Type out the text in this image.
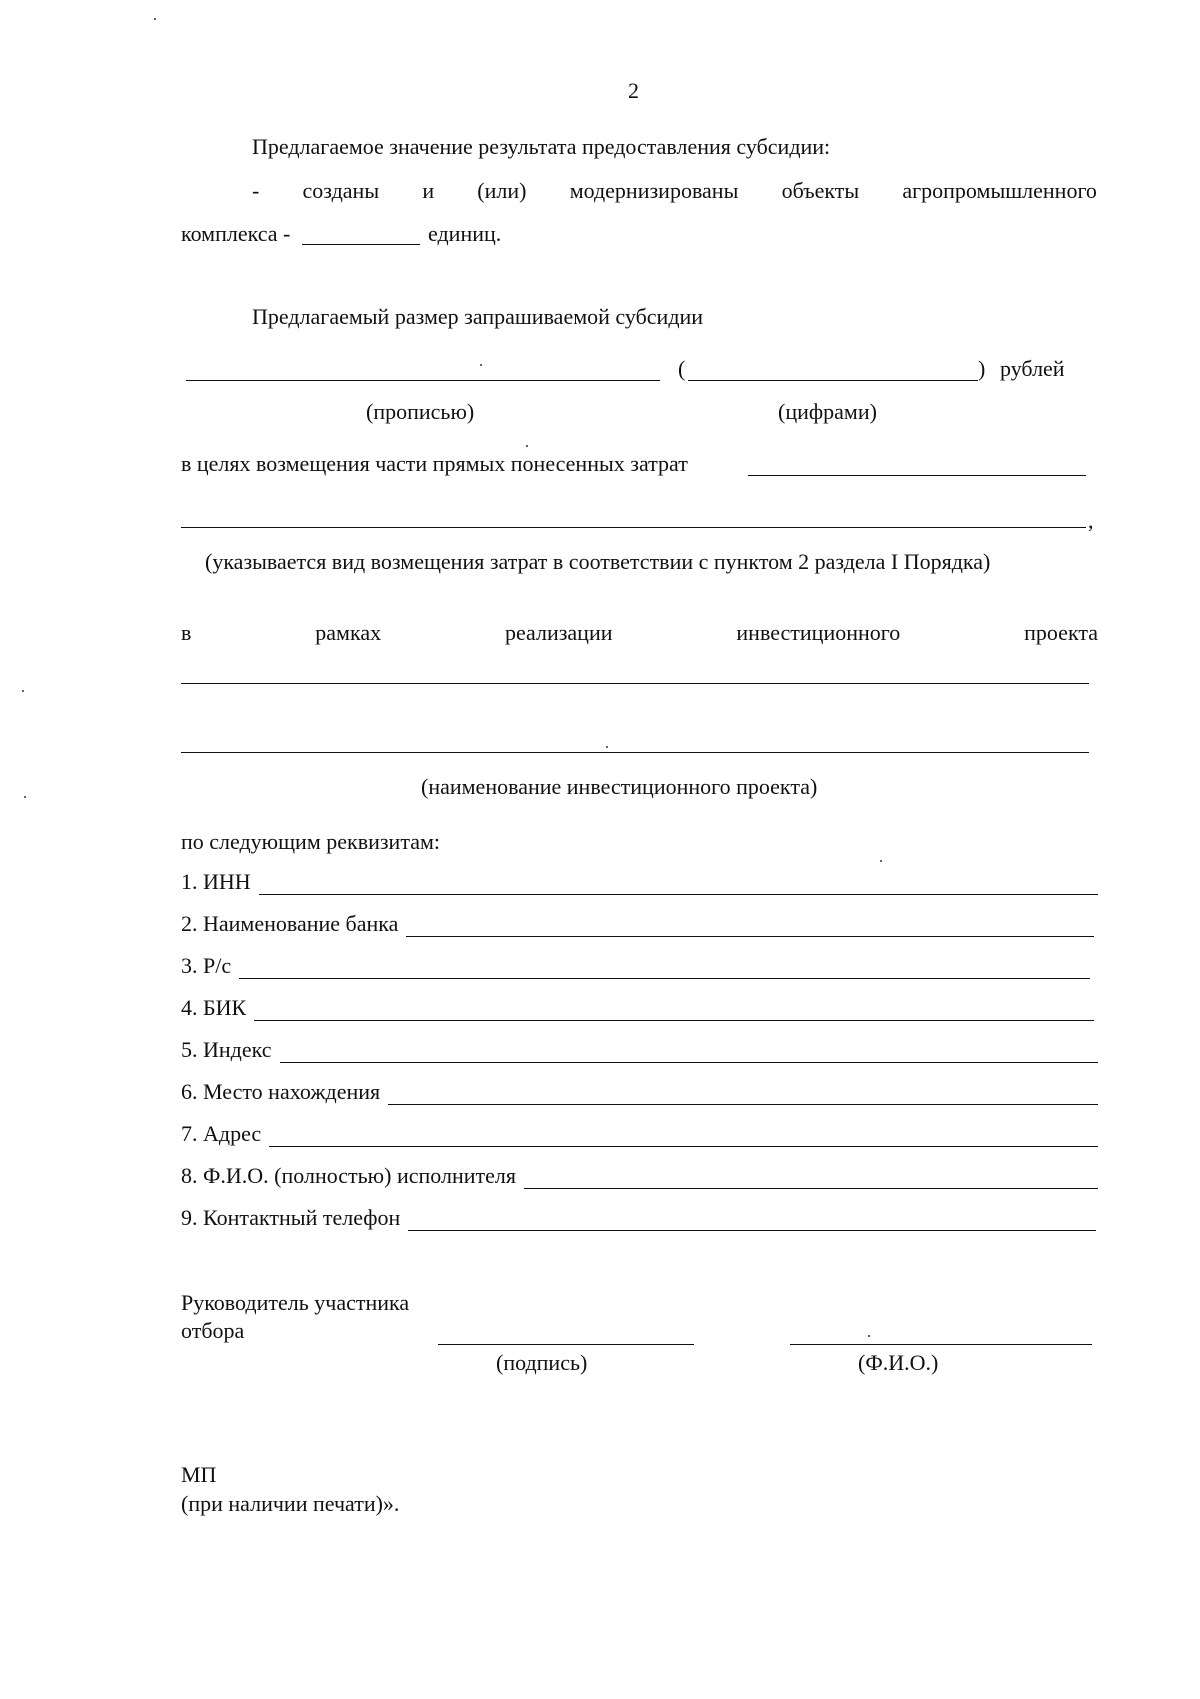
2
Предлагаемое значение результата предоставления субсидии:
- созданы и (или) модернизированы объекты агропромышленного
комплекса -	единиц.
Предлагаемый размер запрашиваемой субсидии
(	) рублей
(прописью)	(цифрами)
в целях возмещения части прямых понесенных затрат
,
(указывается вид возмещения затрат в соответствии с пунктом 2 раздела I Порядка)
в	рамках	реализации	инвестиционного	проекта
(наименование инвестиционного проекта)
по следующим реквизитам:
1. ИНН
2. Наименование банка
3. Р/с
4. БИК
5. Индекс
6. Место нахождения
7. Адрес
8. Ф.И.О. (полностью) исполнителя
9. Контактный телефон
Руководитель участника
отбора
(подпись)	(Ф.И.О.)
МП
(при наличии печати)».
